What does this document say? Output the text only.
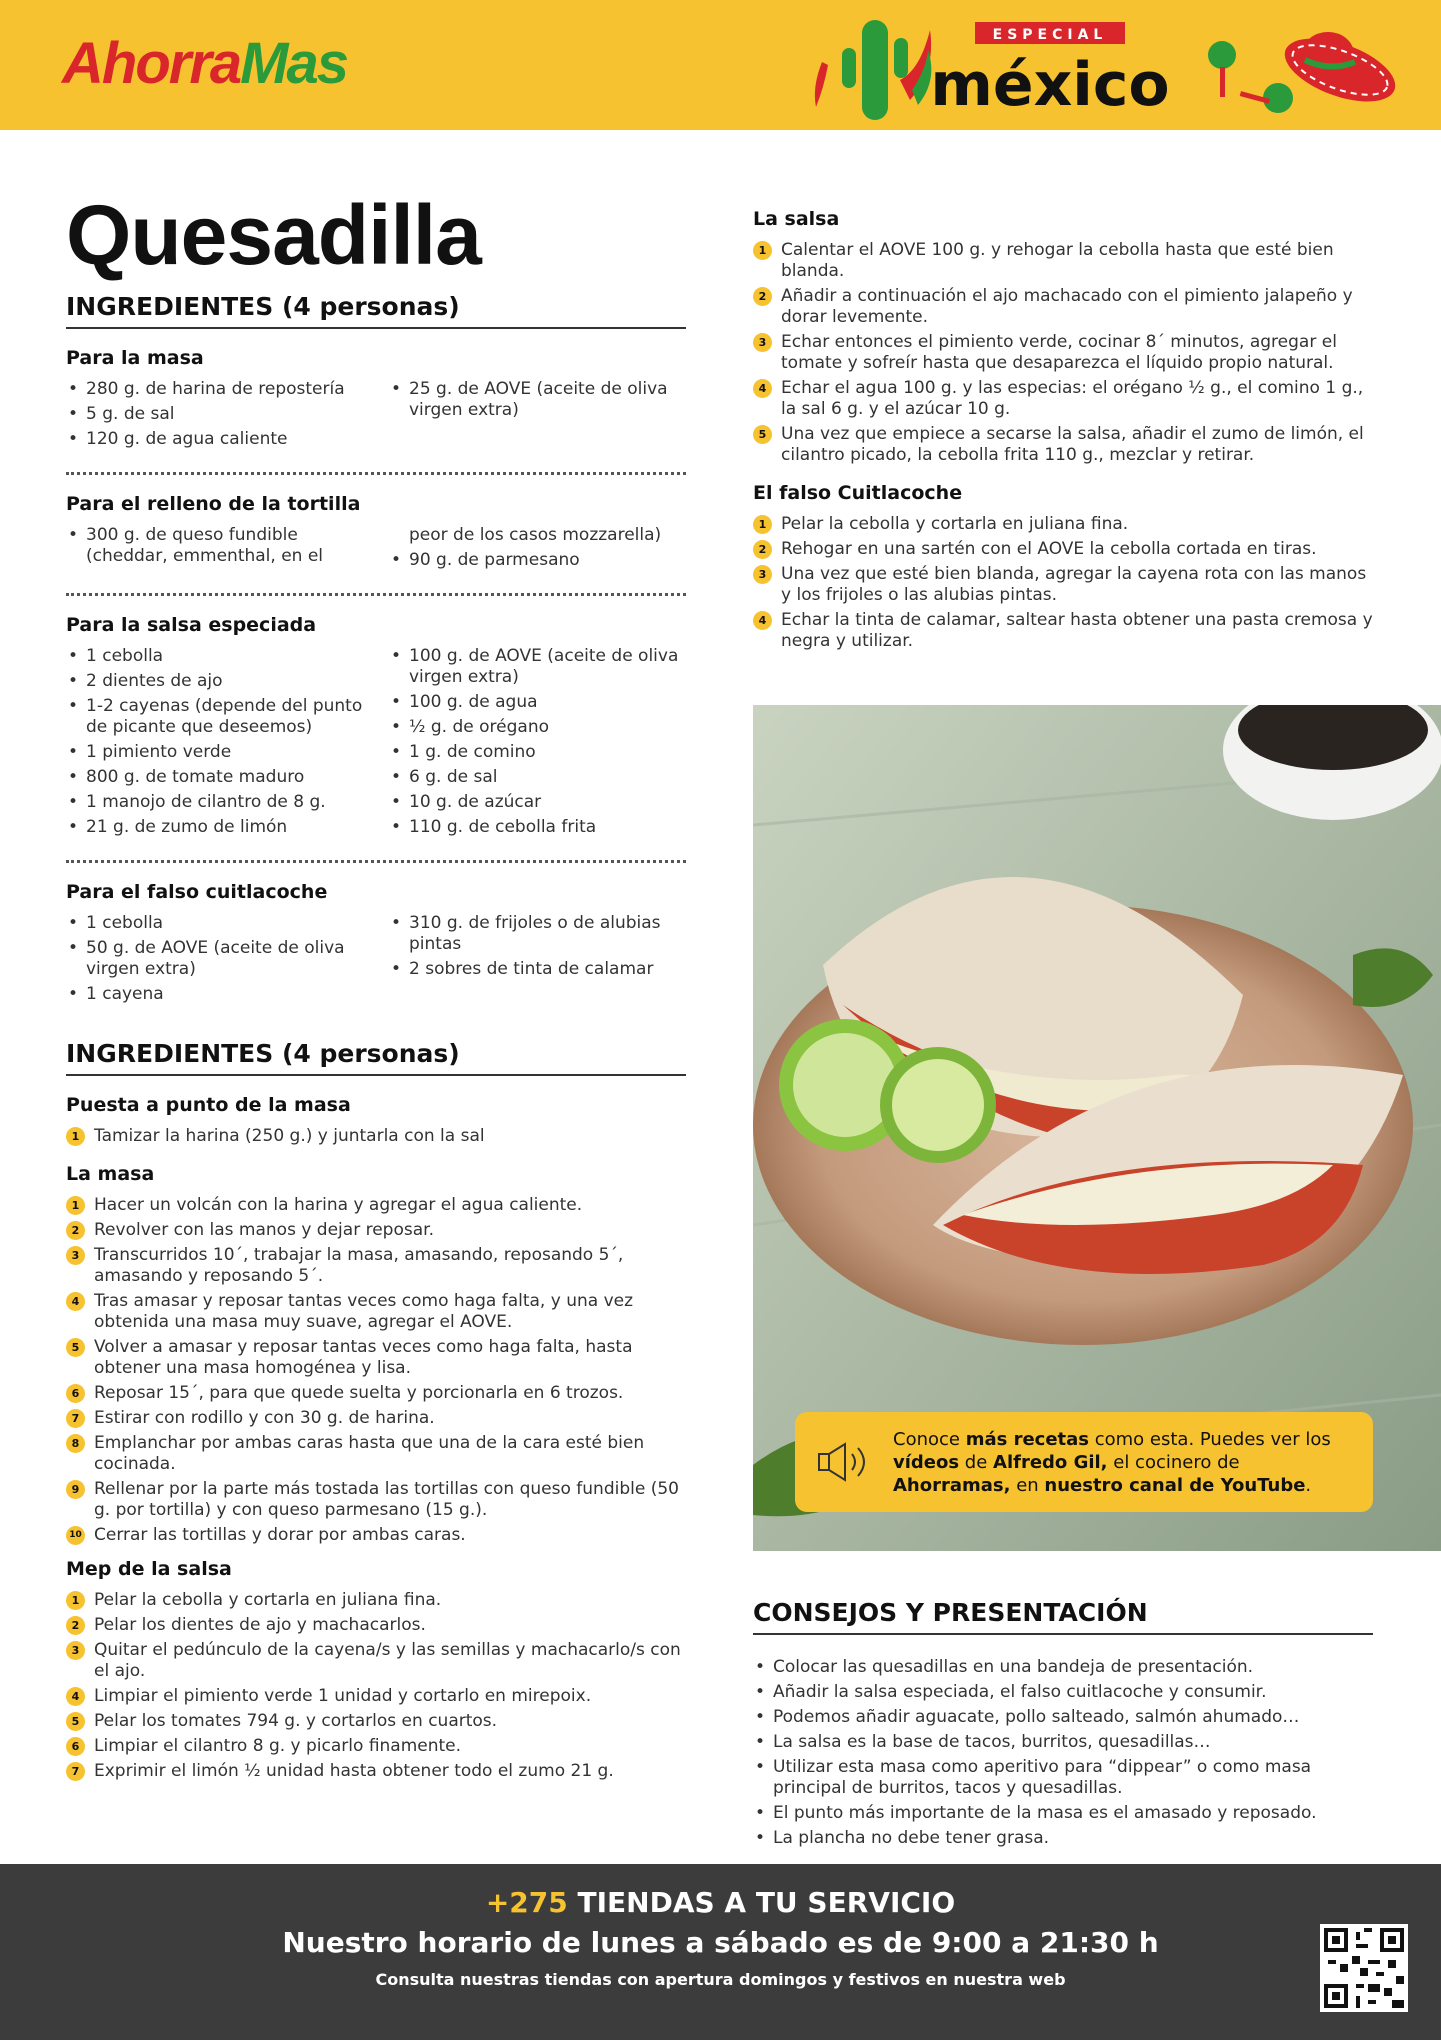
AhorraMas	ESPECIAL
méxico
Quesadilla
INGREDIENTES (4 personas)
Para la masa
• 280 g. de harina de repostería
• 5 g. de sal
• 120 g. de agua caliente
• 25 g. de AOVE (aceite de oliva virgen extra)
Para el relleno de la tortilla
• 300 g. de queso fundible (cheddar, emmenthal, en el
peor de los casos mozzarella)
• 90 g. de parmesano
Para la salsa especiada
• 1 cebolla
• 2 dientes de ajo
• 1-2 cayenas (depende del punto de picante que deseemos)
• 1 pimiento verde
• 800 g. de tomate maduro
• 1 manojo de cilantro de 8 g.
• 21 g. de zumo de limón
• 100 g. de AOVE (aceite de oliva virgen extra)
• 100 g. de agua
• ½ g. de orégano
• 1 g. de comino
• 6 g. de sal
• 10 g. de azúcar
• 110 g. de cebolla frita
Para el falso cuitlacoche
• 1 cebolla
• 50 g. de AOVE (aceite de oliva virgen extra)
• 1 cayena
• 310 g. de frijoles o de alubias pintas
• 2 sobres de tinta de calamar
INGREDIENTES (4 personas)
Puesta a punto de la masa
1 Tamizar la harina (250 g.) y juntarla con la sal
La masa
1 Hacer un volcán con la harina y agregar el agua caliente.
2 Revolver con las manos y dejar reposar.
3 Transcurridos 10´, trabajar la masa, amasando, reposando 5´, amasando y reposando 5´.
4 Tras amasar y reposar tantas veces como haga falta, y una vez obtenida una masa muy suave, agregar el AOVE.
5 Volver a amasar y reposar tantas veces como haga falta, hasta obtener una masa homogénea y lisa.
6 Reposar 15´, para que quede suelta y porcionarla en 6 trozos.
7 Estirar con rodillo y con 30 g. de harina.
8 Emplanchar por ambas caras hasta que una de la cara esté bien cocinada.
9 Rellenar por la parte más tostada las tortillas con queso fundible (50 g. por tortilla) y con queso parmesano (15 g.).
10 Cerrar las tortillas y dorar por ambas caras.
Mep de la salsa
1 Pelar la cebolla y cortarla en juliana fina.
2 Pelar los dientes de ajo y machacarlos.
3 Quitar el pedúnculo de la cayena/s y las semillas y machacarlo/s con el ajo.
4 Limpiar el pimiento verde 1 unidad y cortarlo en mirepoix.
5 Pelar los tomates 794 g. y cortarlos en cuartos.
6 Limpiar el cilantro 8 g. y picarlo finamente.
7 Exprimir el limón ½ unidad hasta obtener todo el zumo 21 g.
La salsa
1 Calentar el AOVE 100 g. y rehogar la cebolla hasta que esté bien blanda.
2 Añadir a continuación el ajo machacado con el pimiento jalapeño y dorar levemente.
3 Echar entonces el pimiento verde, cocinar 8´ minutos, agregar el tomate y sofreír hasta que desaparezca el líquido propio natural.
4 Echar el agua 100 g. y las especias: el orégano ½ g., el comino 1 g., la sal 6 g. y el azúcar 10 g.
5 Una vez que empiece a secarse la salsa, añadir el zumo de limón, el cilantro picado, la cebolla frita 110 g., mezclar y retirar.
El falso Cuitlacoche
1 Pelar la cebolla y cortarla en juliana fina.
2 Rehogar en una sartén con el AOVE la cebolla cortada en tiras.
3 Una vez que esté bien blanda, agregar la cayena rota con las manos y los frijoles o las alubias pintas.
4 Echar la tinta de calamar, saltear hasta obtener una pasta cremosa y negra y utilizar.
Conoce más recetas como esta. Puedes ver los vídeos de Alfredo Gil, el cocinero de Ahorramas, en nuestro canal de YouTube.
CONSEJOS Y PRESENTACIÓN
• Colocar las quesadillas en una bandeja de presentación.
• Añadir la salsa especiada, el falso cuitlacoche y consumir.
• Podemos añadir aguacate, pollo salteado, salmón ahumado…
• La salsa es la base de tacos, burritos, quesadillas…
• Utilizar esta masa como aperitivo para “dippear” o como masa principal de burritos, tacos y quesadillas.
• El punto más importante de la masa es el amasado y reposado.
• La plancha no debe tener grasa.
+275 TIENDAS A TU SERVICIO
Nuestro horario de lunes a sábado es de 9:00 a 21:30 h
Consulta nuestras tiendas con apertura domingos y festivos en nuestra web
